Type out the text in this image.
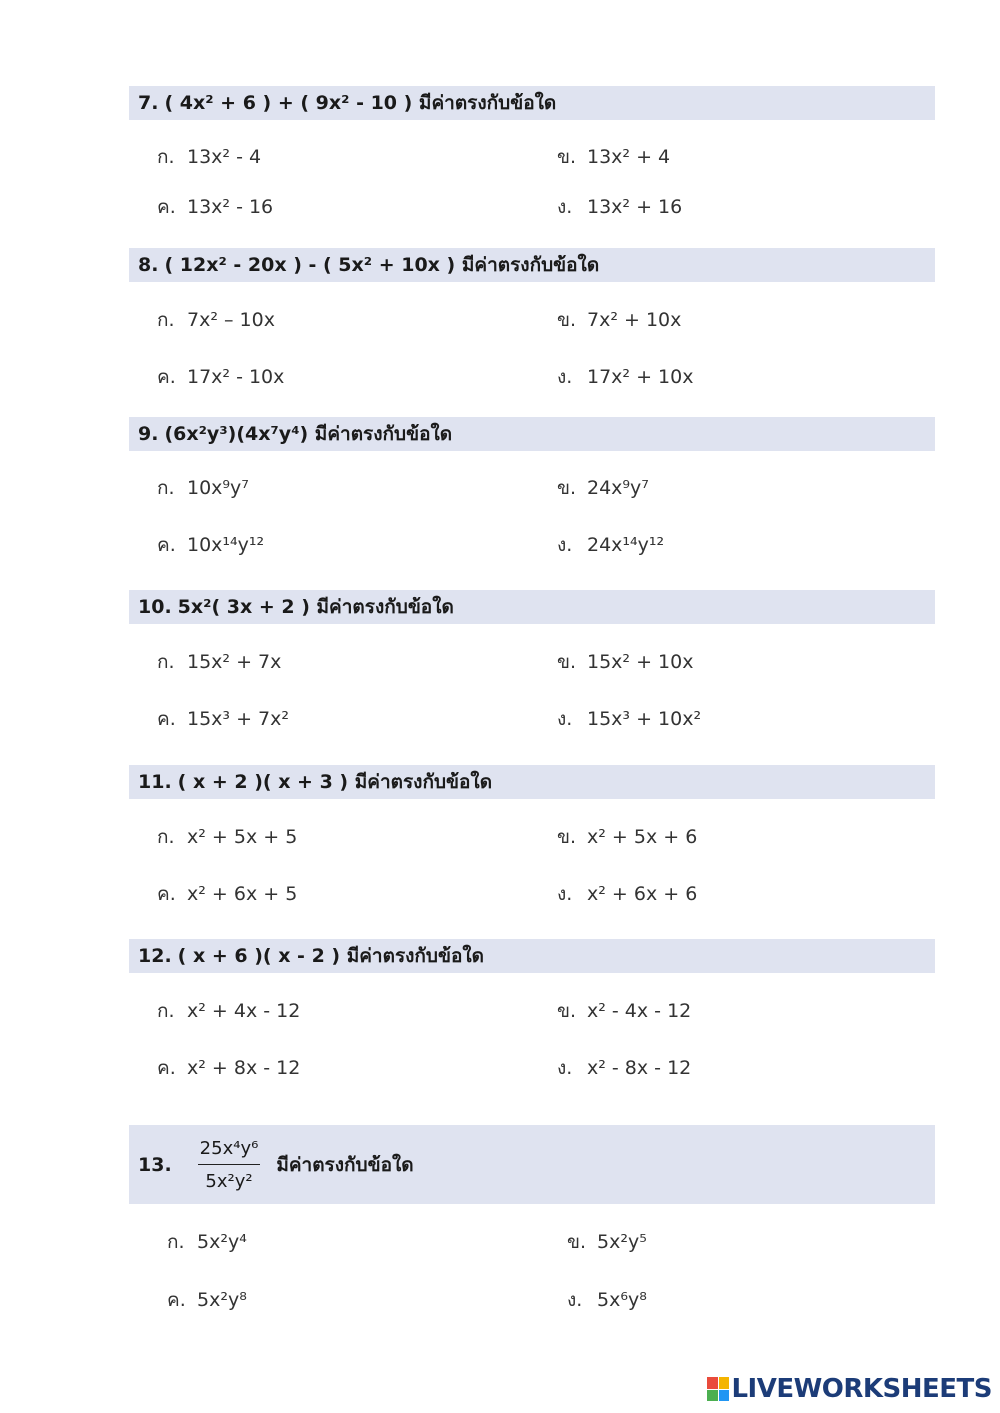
7. ( 4x² + 6 ) + ( 9x² - 10 ) มีค่าตรงกับข้อใด
ก. 13x² - 4	ข. 13x² + 4
ค. 13x² - 16	ง. 13x² + 16
8. ( 12x² - 20x ) - ( 5x² + 10x ) มีค่าตรงกับข้อใด
ก. 7x² – 10x	ข. 7x² + 10x
ค. 17x² - 10x	ง. 17x² + 10x
9. (6x²y³)(4x⁷y⁴) มีค่าตรงกับข้อใด
ก. 10x⁹y⁷	ข. 24x⁹y⁷
ค. 10x¹⁴y¹²	ง. 24x¹⁴y¹²
10. 5x²( 3x + 2 ) มีค่าตรงกับข้อใด
ก. 15x² + 7x	ข. 15x² + 10x
ค. 15x³ + 7x²	ง. 15x³ + 10x²
11. ( x + 2 )( x + 3 ) มีค่าตรงกับข้อใด
ก. x² + 5x + 5	ข. x² + 5x + 6
ค. x² + 6x + 5	ง. x² + 6x + 6
12. ( x + 6 )( x - 2 ) มีค่าตรงกับข้อใด
ก. x² + 4x - 12	ข. x² - 4x - 12
ค. x² + 8x - 12	ง. x² - 8x - 12
13. $\frac{\text{25x⁴y⁶}}{\text{5x²y²}}$ มีค่าตรงกับข้อใด
ก. 5x²y⁴	ข. 5x²y⁵
ค. 5x²y⁸	ง. 5x⁶y⁸
LIVEWORKSHEETS
